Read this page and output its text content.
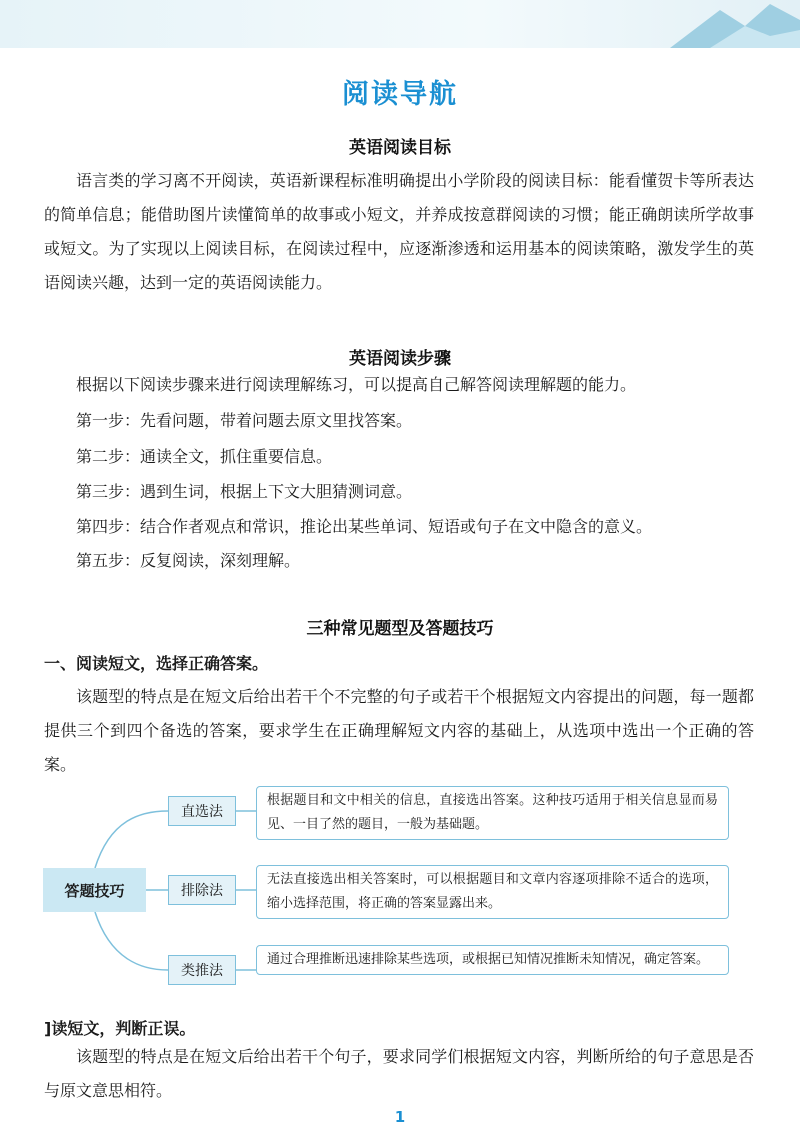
阅读导航
英语阅读目标

语言类的学习离不开阅读，英语新课程标准明确提出小学阶段的阅读目标：能看懂贺卡等所表达的简单信息；能借助图片读懂简单的故事或小短文，并养成按意群阅读的习惯；能正确朗读所学故事或短文。为了实现以上阅读目标，在阅读过程中，应逐渐渗透和运用基本的阅读策略，激发学生的英语阅读兴趣，达到一定的英语阅读能力。

英语阅读步骤
根据以下阅读步骤来进行阅读理解练习，可以提高自己解答阅读理解题的能力。
第一步：先看问题，带着问题去原文里找答案。
第二步：通读全文，抓住重要信息。
第三步：遇到生词，根据上下文大胆猜测词意。
第四步：结合作者观点和常识，推论出某些单词、短语或句子在文中隐含的意义。
第五步：反复阅读，深刻理解。
三种常见题型及答题技巧
一、阅读短文，选择正确答案。

该题型的特点是在短文后给出若干个不完整的句子或若干个根据短文内容提出的问题，每一题都提供三个到四个备选的答案，要求学生在正确理解短文内容的基础上，从选项中选出一个正确的答案。

答题技巧
直选法
根据题目和文中相关的信息，直接选出答案。这种技巧适用于相关信息显而易见、一目了然的题目，一般为基础题。
排除法
无法直接选出相关答案时，可以根据题目和文章内容逐项排除不适合的选项，缩小选择范围，将正确的答案显露出来。
类推法
通过合理推断迅速排除某些选项，或根据已知情况推断未知情况，确定答案。
]读短文，判断正误。

该题型的特点是在短文后给出若干个句子，要求同学们根据短文内容，判断所给的句子意思是否与原文意思相符。

1
